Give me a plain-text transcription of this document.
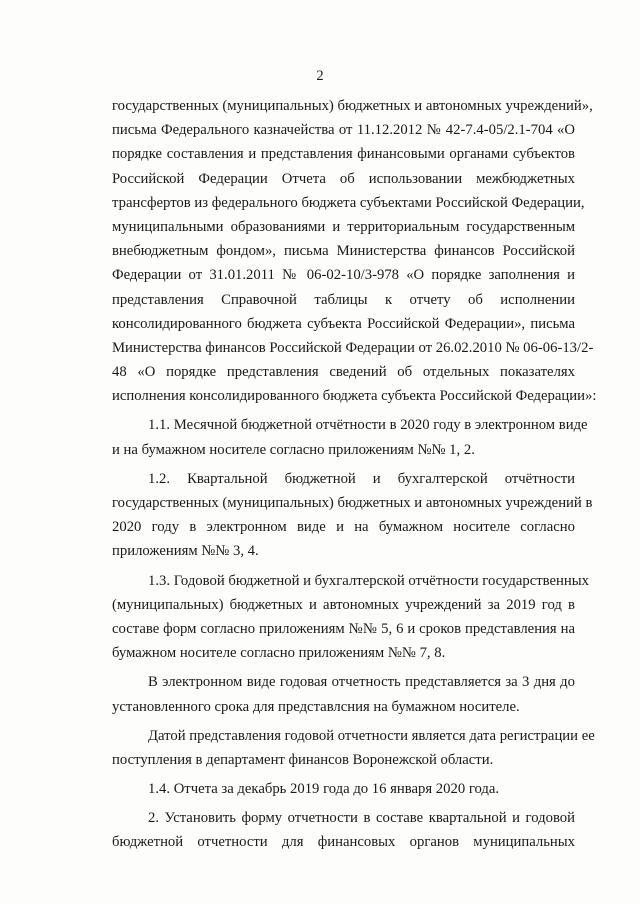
2
государственных (муниципальных) бюджетных и автономных учреждений»,
письма Федерального казначейства от 11.12.2012 № 42-7.4-05/2.1-704 «О
порядке составления и представления финансовыми органами субъектов
Российской Федерации Отчета об использовании межбюджетных
трансфертов из федерального бюджета субъектами Российской Федерации,
муниципальными образованиями и территориальным государственным
внебюджетным фондом», письма Министерства финансов Российской
Федерации от 31.01.2011 № 06-02-10/3-978 «О порядке заполнения и
представления Справочной таблицы к отчету об исполнении
консолидированного бюджета субъекта Российской Федерации», письма
Министерства финансов Российской Федерации от 26.02.2010 № 06-06-13/2-
48 «О порядке представления сведений об отдельных показателях
исполнения консолидированного бюджета субъекта Российской Федерации»:
1.1. Месячной бюджетной отчётности в 2020 году в электронном виде
и на бумажном носителе согласно приложениям №№ 1, 2.
1.2. Квартальной бюджетной и бухгалтерской отчётности
государственных (муниципальных) бюджетных и автономных учреждений в
2020 году в электронном виде и на бумажном носителе согласно
приложениям №№ 3, 4.
1.3. Годовой бюджетной и бухгалтерской отчётности государственных
(муниципальных) бюджетных и автономных учреждений за 2019 год в
составе форм согласно приложениям №№ 5, 6 и сроков представления на
бумажном носителе согласно приложениям №№ 7, 8.
В электронном виде годовая отчетность представляется за 3 дня до
установленного срока для представлсния на бумажном носителе.
Датой представления годовой отчетности является дата регистрации ее
поступления в департамент финансов Воронежской области.
1.4. Отчета за декабрь 2019 года до 16 января 2020 года.
2. Установить форму отчетности в составе квартальной и годовой
бюджетной отчетности для финансовых органов муниципальных
